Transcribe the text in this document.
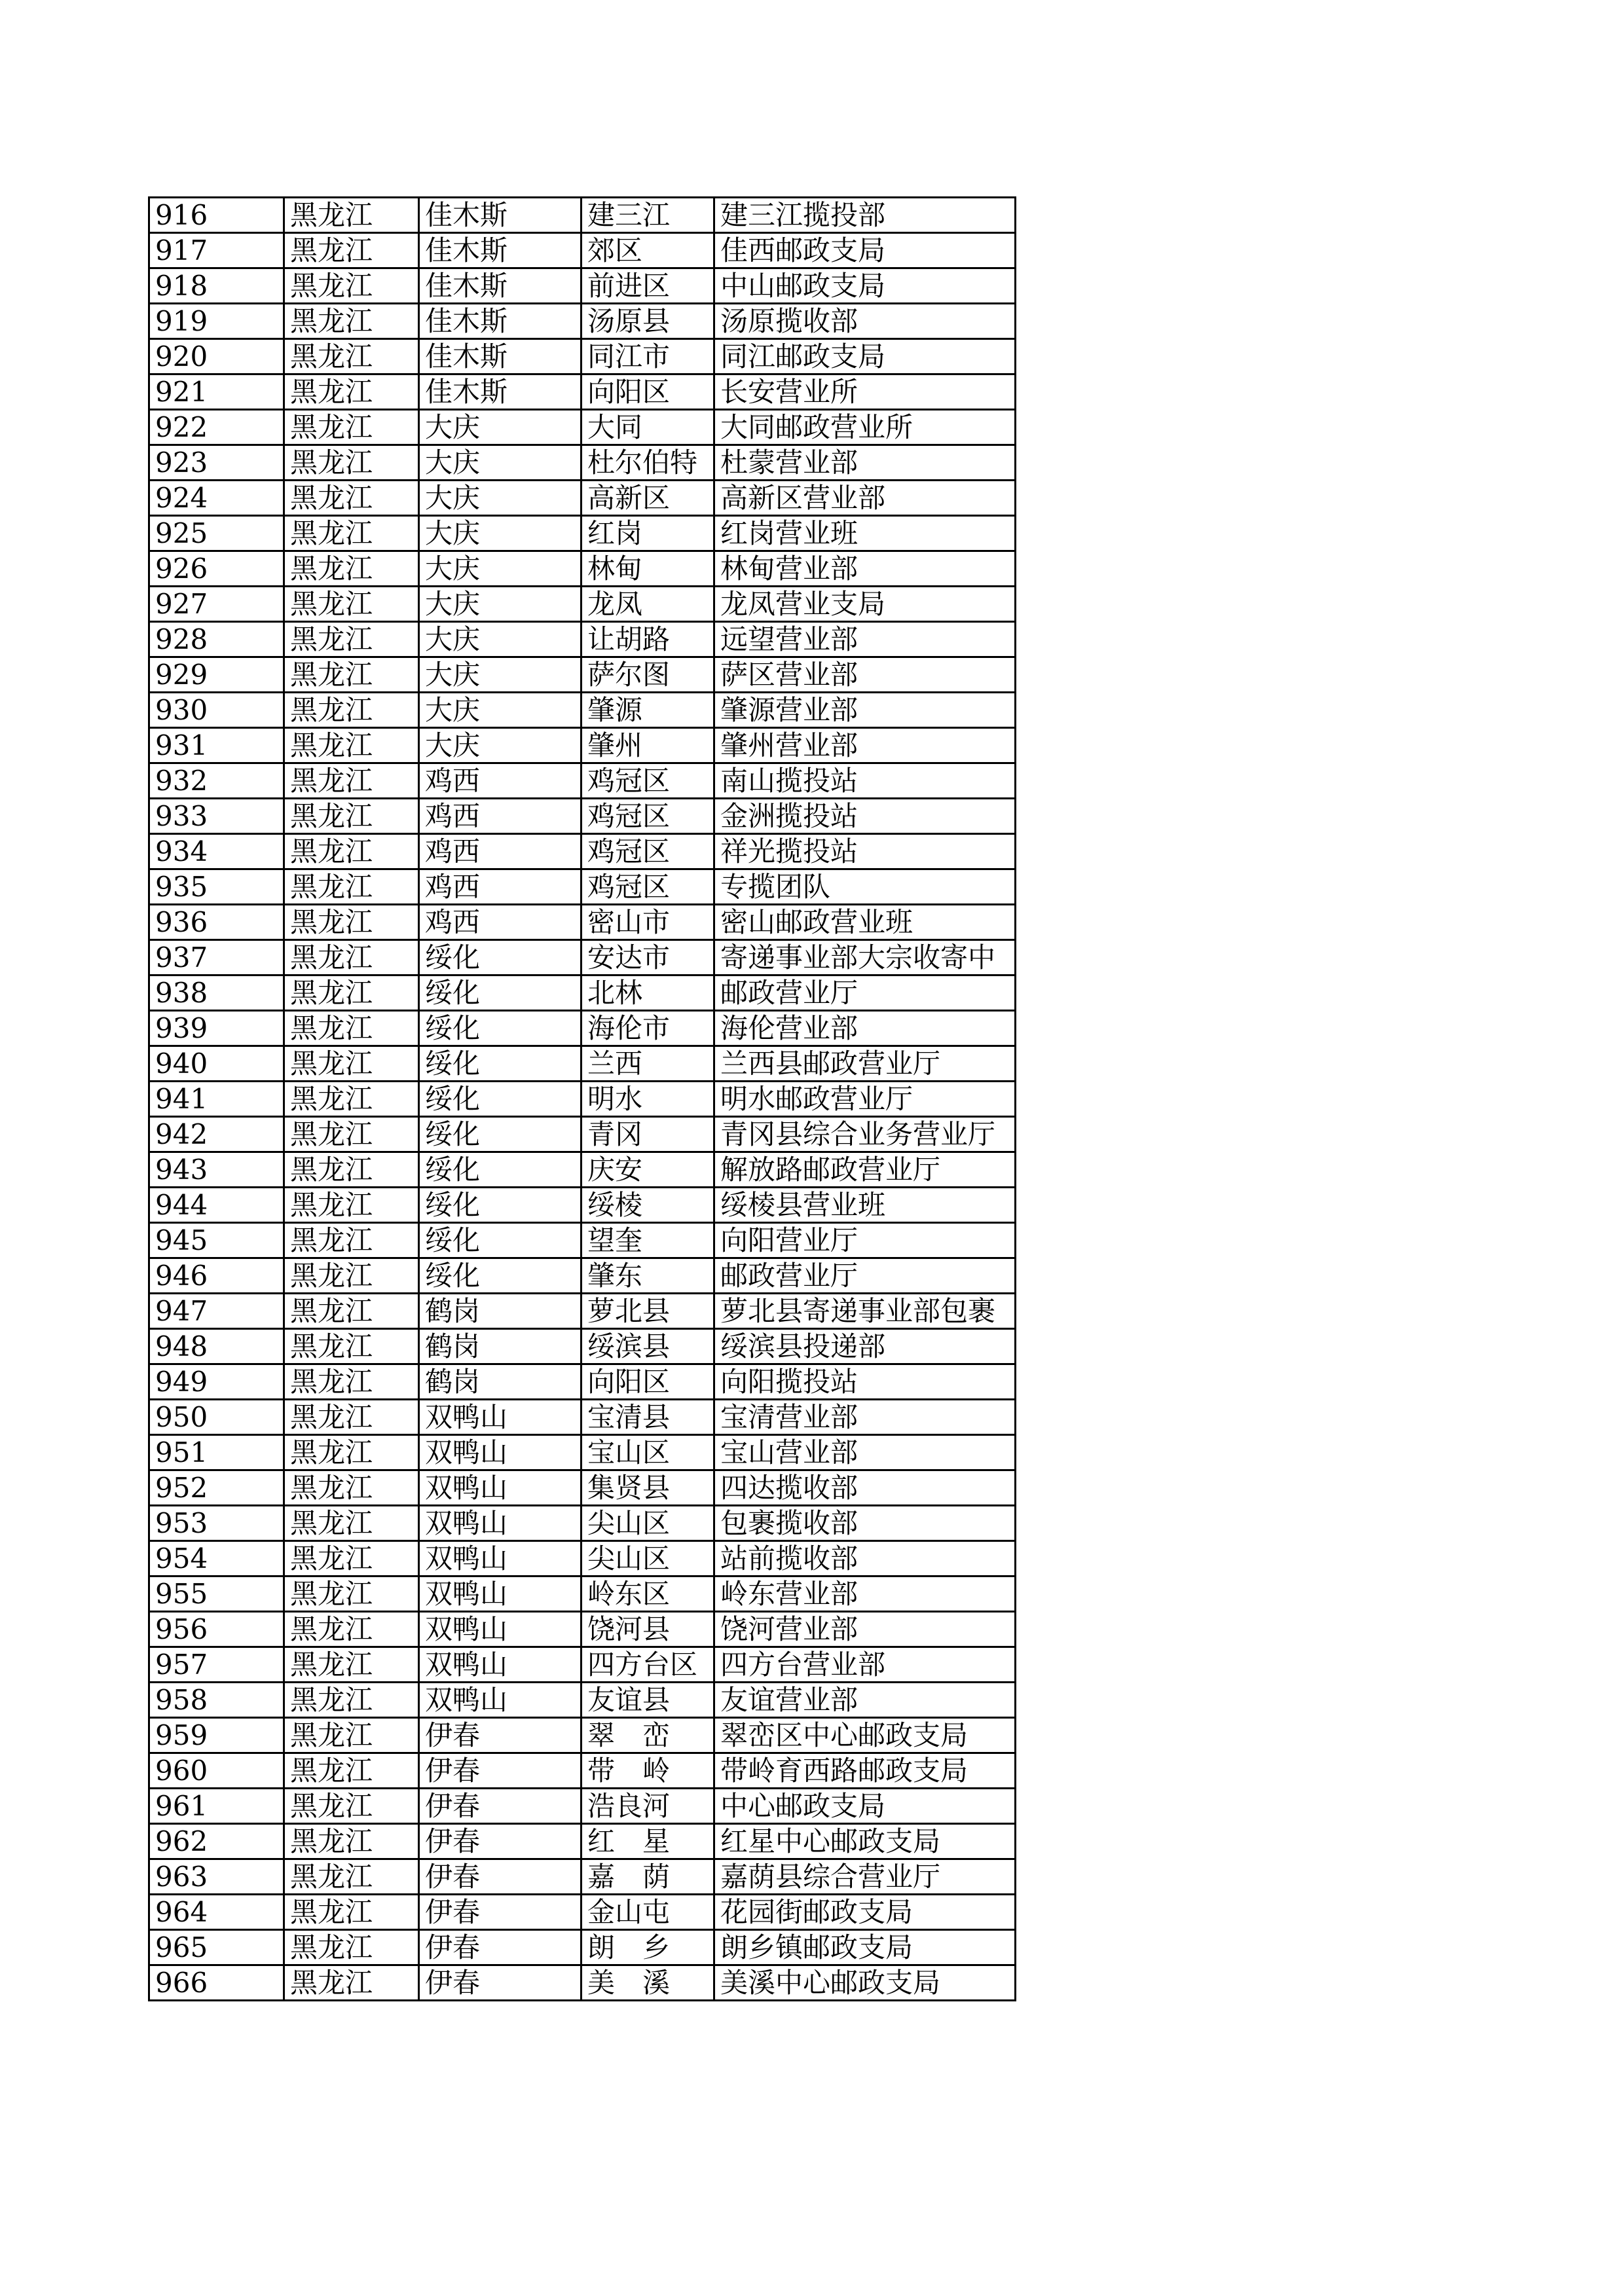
916	黑龙江	佳木斯	建三江	建三江揽投部
917	黑龙江	佳木斯	郊区	佳西邮政支局
918	黑龙江	佳木斯	前进区	中山邮政支局
919	黑龙江	佳木斯	汤原县	汤原揽收部
920	黑龙江	佳木斯	同江市	同江邮政支局
921	黑龙江	佳木斯	向阳区	长安营业所
922	黑龙江	大庆	大同	大同邮政营业所
923	黑龙江	大庆	杜尔伯特	杜蒙营业部
924	黑龙江	大庆	高新区	高新区营业部
925	黑龙江	大庆	红岗	红岗营业班
926	黑龙江	大庆	林甸	林甸营业部
927	黑龙江	大庆	龙凤	龙凤营业支局
928	黑龙江	大庆	让胡路	远望营业部
929	黑龙江	大庆	萨尔图	萨区营业部
930	黑龙江	大庆	肇源	肇源营业部
931	黑龙江	大庆	肇州	肇州营业部
932	黑龙江	鸡西	鸡冠区	南山揽投站
933	黑龙江	鸡西	鸡冠区	金洲揽投站
934	黑龙江	鸡西	鸡冠区	祥光揽投站
935	黑龙江	鸡西	鸡冠区	专揽团队
936	黑龙江	鸡西	密山市	密山邮政营业班
937	黑龙江	绥化	安达市	寄递事业部大宗收寄中
938	黑龙江	绥化	北林	邮政营业厅
939	黑龙江	绥化	海伦市	海伦营业部
940	黑龙江	绥化	兰西	兰西县邮政营业厅
941	黑龙江	绥化	明水	明水邮政营业厅
942	黑龙江	绥化	青冈	青冈县综合业务营业厅
943	黑龙江	绥化	庆安	解放路邮政营业厅
944	黑龙江	绥化	绥棱	绥棱县营业班
945	黑龙江	绥化	望奎	向阳营业厅
946	黑龙江	绥化	肇东	邮政营业厅
947	黑龙江	鹤岗	萝北县	萝北县寄递事业部包裹
948	黑龙江	鹤岗	绥滨县	绥滨县投递部
949	黑龙江	鹤岗	向阳区	向阳揽投站
950	黑龙江	双鸭山	宝清县	宝清营业部
951	黑龙江	双鸭山	宝山区	宝山营业部
952	黑龙江	双鸭山	集贤县	四达揽收部
953	黑龙江	双鸭山	尖山区	包裹揽收部
954	黑龙江	双鸭山	尖山区	站前揽收部
955	黑龙江	双鸭山	岭东区	岭东营业部
956	黑龙江	双鸭山	饶河县	饶河营业部
957	黑龙江	双鸭山	四方台区	四方台营业部
958	黑龙江	双鸭山	友谊县	友谊营业部
959	黑龙江	伊春	翠　峦	翠峦区中心邮政支局
960	黑龙江	伊春	带　岭	带岭育西路邮政支局
961	黑龙江	伊春	浩良河	中心邮政支局
962	黑龙江	伊春	红　星	红星中心邮政支局
963	黑龙江	伊春	嘉　荫	嘉荫县综合营业厅
964	黑龙江	伊春	金山屯	花园街邮政支局
965	黑龙江	伊春	朗　乡	朗乡镇邮政支局
966	黑龙江	伊春	美　溪	美溪中心邮政支局
